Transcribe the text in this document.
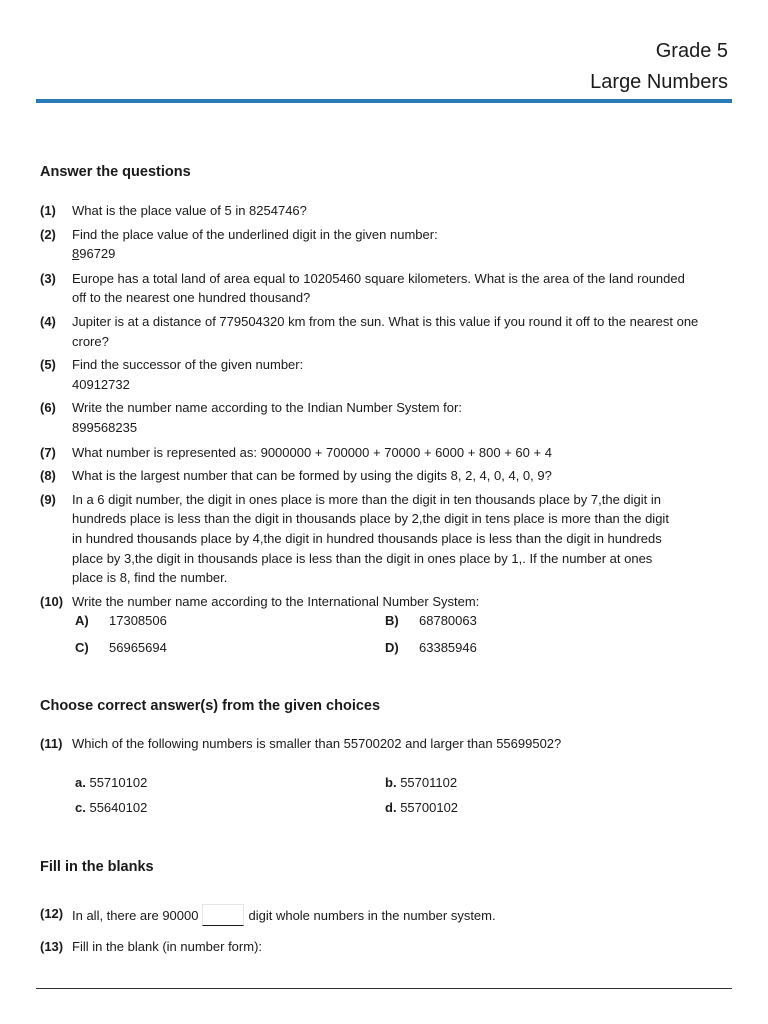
Grade 5
Large Numbers
Answer the questions
(1) What is the place value of 5 in 8254746?
(2) Find the place value of the underlined digit in the given number:
896729
(3) Europe has a total land of area equal to 10205460 square kilometers. What is the area of the land rounded off to the nearest one hundred thousand?
(4) Jupiter is at a distance of 779504320 km from the sun. What is this value if you round it off to the nearest one crore?
(5) Find the successor of the given number:
40912732
(6) Write the number name according to the Indian Number System for:
899568235
(7) What number is represented as: 9000000 + 700000 + 70000 + 6000 + 800 + 60 + 4
(8) What is the largest number that can be formed by using the digits 8, 2, 4, 0, 4, 0, 9?
(9) In a 6 digit number, the digit in ones place is more than the digit in ten thousands place by 7,the digit in
hundreds place is less than the digit in thousands place by 2,the digit in tens place is more than the digit
in hundred thousands place by 4,the digit in hundred thousands place is less than the digit in hundreds
place by 3,the digit in thousands place is less than the digit in ones place by 1,. If the number at ones
place is 8, find the number.
(10) Write the number name according to the International Number System:
A) 17308506	B) 68780063
C) 56965694	D) 63385946
Choose correct answer(s) from the given choices
(11) Which of the following numbers is smaller than 55700202 and larger than 55699502?
a. 55710102	b. 55701102
c. 55640102	d. 55700102
Fill in the blanks
(12) In all, there are 90000	digit whole numbers in the number system.
(13) Fill in the blank (in number form):
